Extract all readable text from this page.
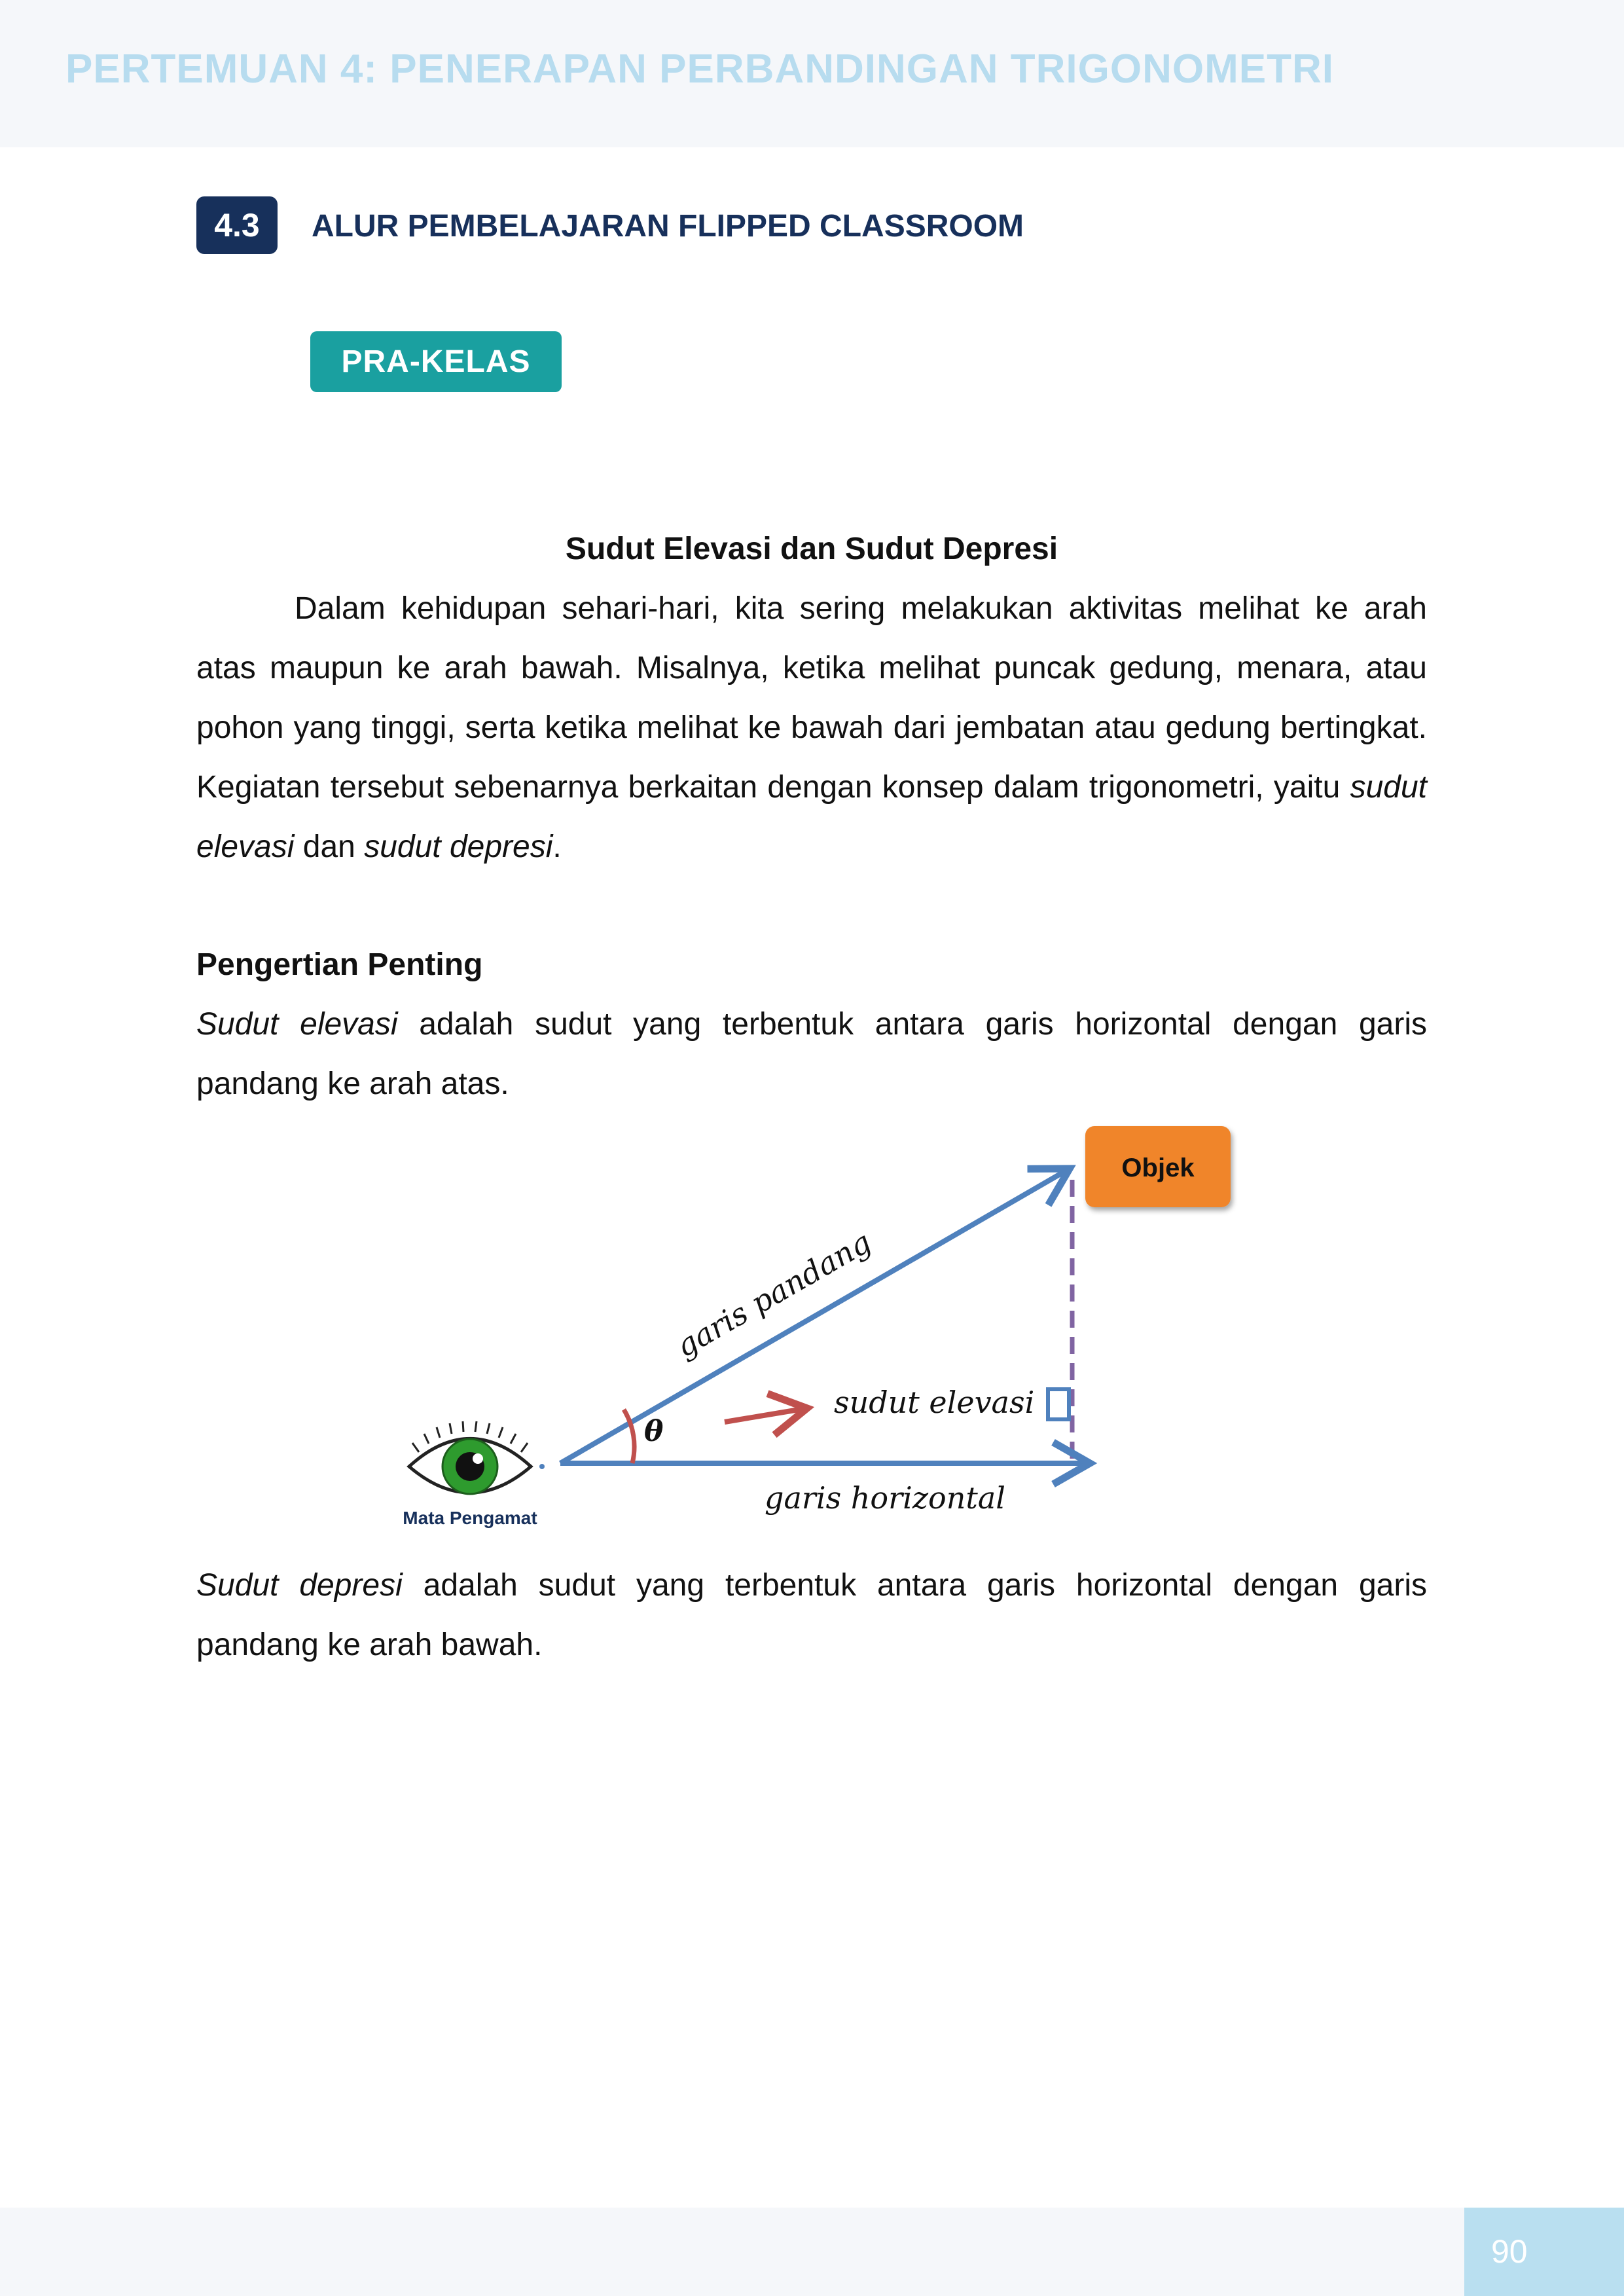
PERTEMUAN 4: PENERAPAN PERBANDINGAN TRIGONOMETRI
4.3	ALUR PEMBELAJARAN FLIPPED CLASSROOM
PRA-KELAS
Sudut Elevasi dan Sudut Depresi

Dalam kehidupan sehari-hari, kita sering melakukan aktivitas melihat ke arah atas maupun ke arah bawah. Misalnya, ketika melihat puncak gedung, menara, atau pohon yang tinggi, serta ketika melihat ke bawah dari jembatan atau gedung bertingkat. Kegiatan tersebut sebenarnya berkaitan dengan konsep dalam trigonometri, yaitu sudut elevasi dan sudut depresi.

Pengertian Penting

Sudut elevasi adalah sudut yang terbentuk antara garis horizontal dengan garis pandang ke arah atas.

Objek
θ
garis pandang
sudut elevasi
garis horizontal
Mata Pengamat

Sudut depresi adalah sudut yang terbentuk antara garis horizontal dengan garis pandang ke arah bawah.

90
